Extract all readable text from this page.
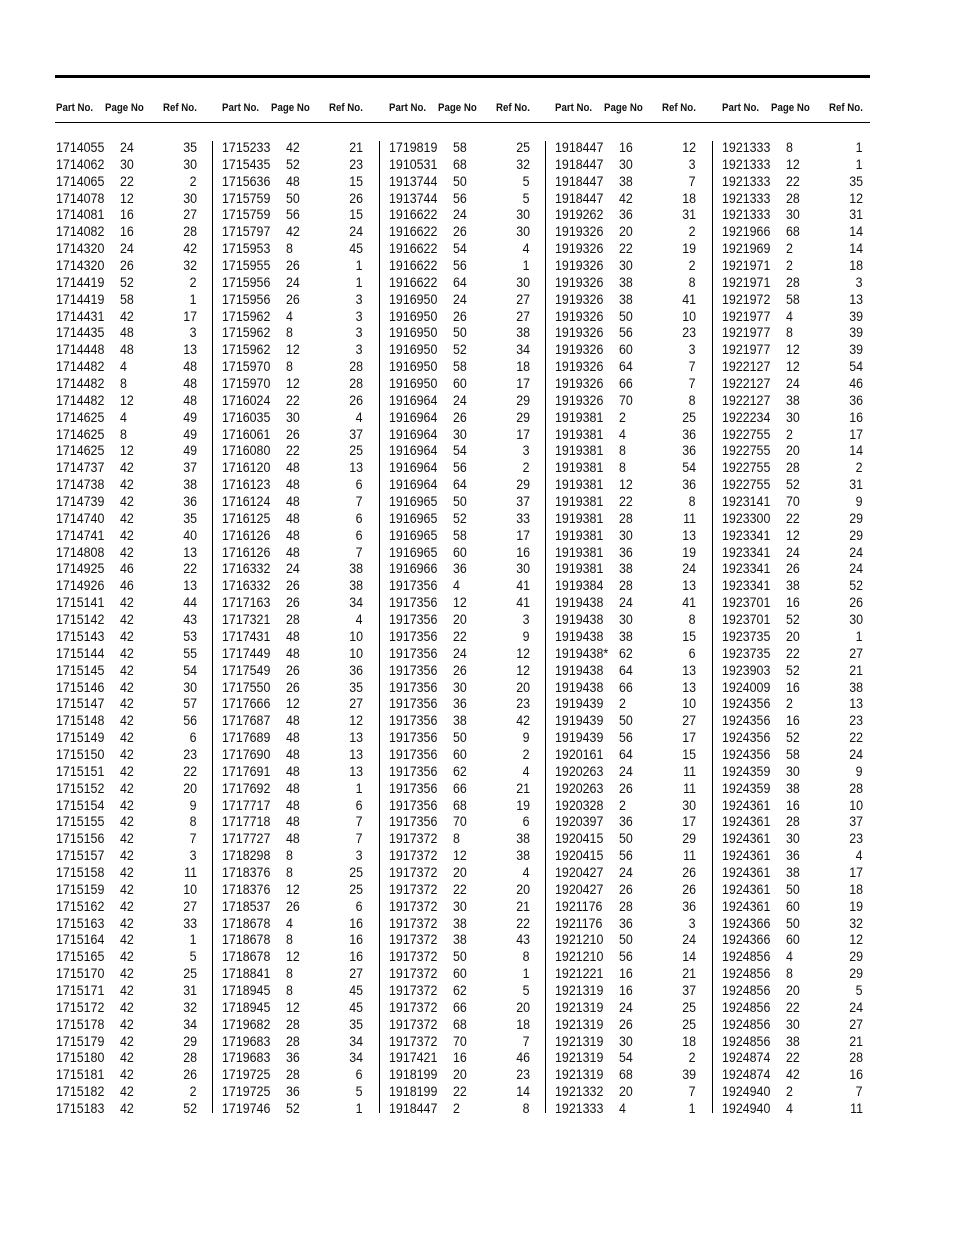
Part No. Page No Ref No. Part No. Page No Ref No. Part No. Page No Ref No. Part No. Page No Ref No. Part No. Page No Ref No.
1714055 24	35
1714062 30	30
1714065 22	2
1714078 12	30
1714081 16	27
1714082 16	28
1714320 24	42
1714320 26	32
1714419 52	2
1714419 58	1
1714431 42	17
1714435 48	3
1714448 48	13
1714482 4	48
1714482 8	48
1714482 12	48
1714625 4	49
1714625 8	49
1714625 12	49
1714737 42	37
1714738 42	38
1714739 42	36
1714740 42	35
1714741 42	40
1714808 42	13
1714925 46	22
1714926 46	13
1715141 42	44
1715142 42	43
1715143 42	53
1715144 42	55
1715145 42	54
1715146 42	30
1715147 42	57
1715148 42	56
1715149 42	6
1715150 42	23
1715151 42	22
1715152 42	20
1715154 42	9
1715155 42	8
1715156 42	7
1715157 42	3
1715158 42	11
1715159 42	10
1715162 42	27
1715163 42	33
1715164 42	1
1715165 42	5
1715170 42	25
1715171 42	31
1715172 42	32
1715178 42	34
1715179 42	29
1715180 42	28
1715181 42	26
1715182 42	2
1715183 42	52
1715233 42	21
1715435 52	23
1715636 48	15
1715759 50	26
1715759 56	15
1715797 42	24
1715953 8	45
1715955 26	1
1715956 24	1
1715956 26	3
1715962 4	3
1715962 8	3
1715962 12	3
1715970 8	28
1715970 12	28
1716024 22	26
1716035 30	4
1716061 26	37
1716080 22	25
1716120 48	13
1716123 48	6
1716124 48	7
1716125 48	6
1716126 48	6
1716126 48	7
1716332 24	38
1716332 26	38
1717163 26	34
1717321 28	4
1717431 48	10
1717449 48	10
1717549 26	36
1717550 26	35
1717666 12	27
1717687 48	12
1717689 48	13
1717690 48	13
1717691 48	13
1717692 48	1
1717717 48	6
1717718 48	7
1717727 48	7
1718298 8	3
1718376 8	25
1718376 12	25
1718537 26	6
1718678 4	16
1718678 8	16
1718678 12	16
1718841 8	27
1718945 8	45
1718945 12	45
1719682 28	35
1719683 28	34
1719683 36	34
1719725 28	6
1719725 36	5
1719746 52	1
1719819 58	25
1910531 68	32
1913744 50	5
1913744 56	5
1916622 24	30
1916622 26	30
1916622 54	4
1916622 56	1
1916622 64	30
1916950 24	27
1916950 26	27
1916950 50	38
1916950 52	34
1916950 58	18
1916950 60	17
1916964 24	29
1916964 26	29
1916964 30	17
1916964 54	3
1916964 56	2
1916964 64	29
1916965 50	37
1916965 52	33
1916965 58	17
1916965 60	16
1916966 36	30
1917356 4	41
1917356 12	41
1917356 20	3
1917356 22	9
1917356 24	12
1917356 26	12
1917356 30	20
1917356 36	23
1917356 38	42
1917356 50	9
1917356 60	2
1917356 62	4
1917356 66	21
1917356 68	19
1917356 70	6
1917372 8	38
1917372 12	38
1917372 20	4
1917372 22	20
1917372 30	21
1917372 38	22
1917372 38	43
1917372 50	8
1917372 60	1
1917372 62	5
1917372 66	20
1917372 68	18
1917372 70	7
1917421 16	46
1918199 20	23
1918199 22	14
1918447 2	8
1918447 16	12
1918447 30	3
1918447 38	7
1918447 42	18
1919262 36	31
1919326 20	2
1919326 22	19
1919326 30	2
1919326 38	8
1919326 38	41
1919326 50	10
1919326 56	23
1919326 60	3
1919326 64	7
1919326 66	7
1919326 70	8
1919381 2	25
1919381 4	36
1919381 8	36
1919381 8	54
1919381 12	36
1919381 22	8
1919381 28	11
1919381 30	13
1919381 36	19
1919381 38	24
1919384 28	13
1919438 24	41
1919438 30	8
1919438 38	15
1919438* 62	6
1919438 64	13
1919438 66	13
1919439 2	10
1919439 50	27
1919439 56	17
1920161 64	15
1920263 24	11
1920263 26	11
1920328 2	30
1920397 36	17
1920415 50	29
1920415 56	11
1920427 24	26
1920427 26	26
1921176 28	36
1921176 36	3
1921210 50	24
1921210 56	14
1921221 16	21
1921319 16	37
1921319 24	25
1921319 26	25
1921319 30	18
1921319 54	2
1921319 68	39
1921332 20	7
1921333 4	1
1921333 8	1
1921333 12	1
1921333 22	35
1921333 28	12
1921333 30	31
1921966 68	14
1921969 2	14
1921971 2	18
1921971 28	3
1921972 58	13
1921977 4	39
1921977 8	39
1921977 12	39
1922127 12	54
1922127 24	46
1922127 38	36
1922234 30	16
1922755 2	17
1922755 20	14
1922755 28	2
1922755 52	31
1923141 70	9
1923300 22	29
1923341 12	29
1923341 24	24
1923341 26	24
1923341 38	52
1923701 16	26
1923701 52	30
1923735 20	1
1923735 22	27
1923903 52	21
1924009 16	38
1924356 2	13
1924356 16	23
1924356 52	22
1924356 58	24
1924359 30	9
1924359 38	28
1924361 16	10
1924361 28	37
1924361 30	23
1924361 36	4
1924361 38	17
1924361 50	18
1924361 60	19
1924366 50	32
1924366 60	12
1924856 4	29
1924856 8	29
1924856 20	5
1924856 22	24
1924856 30	27
1924856 38	21
1924874 22	28
1924874 42	16
1924940 2	7
1924940 4	11
